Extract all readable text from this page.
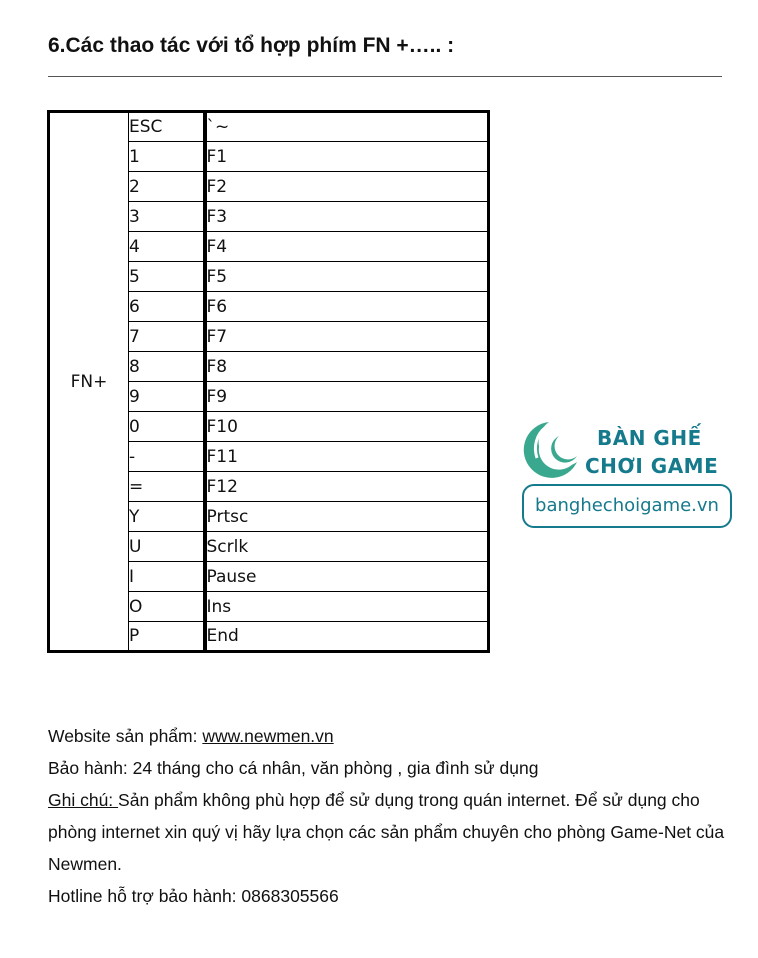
6.Các thao tác với tổ hợp phím FN +….. :
FN+	ESC	`~
	1	F1
	2	F2
	3	F3
	4	F4
	5	F5
	6	F6
	7	F7
	8	F8
	9	F9
	0	F10
	-	F11
	=	F12
	Y	Prtsc
	U	Scrlk
	I	Pause
	O	Ins
	P	End
BÀN GHẾ
CHƠI GAME
banghechoigame.vn

Website sản phẩm: www.newmen.vn

Bảo hành: 24 tháng cho cá nhân, văn phòng , gia đình sử dụng

Ghi chú: Sản phẩm không phù hợp để sử dụng trong quán internet. Để sử dụng cho phòng internet xin quý vị hãy lựa chọn các sản phẩm chuyên cho phòng Game-Net của Newmen.

Hotline hỗ trợ bảo hành: 0868305566
